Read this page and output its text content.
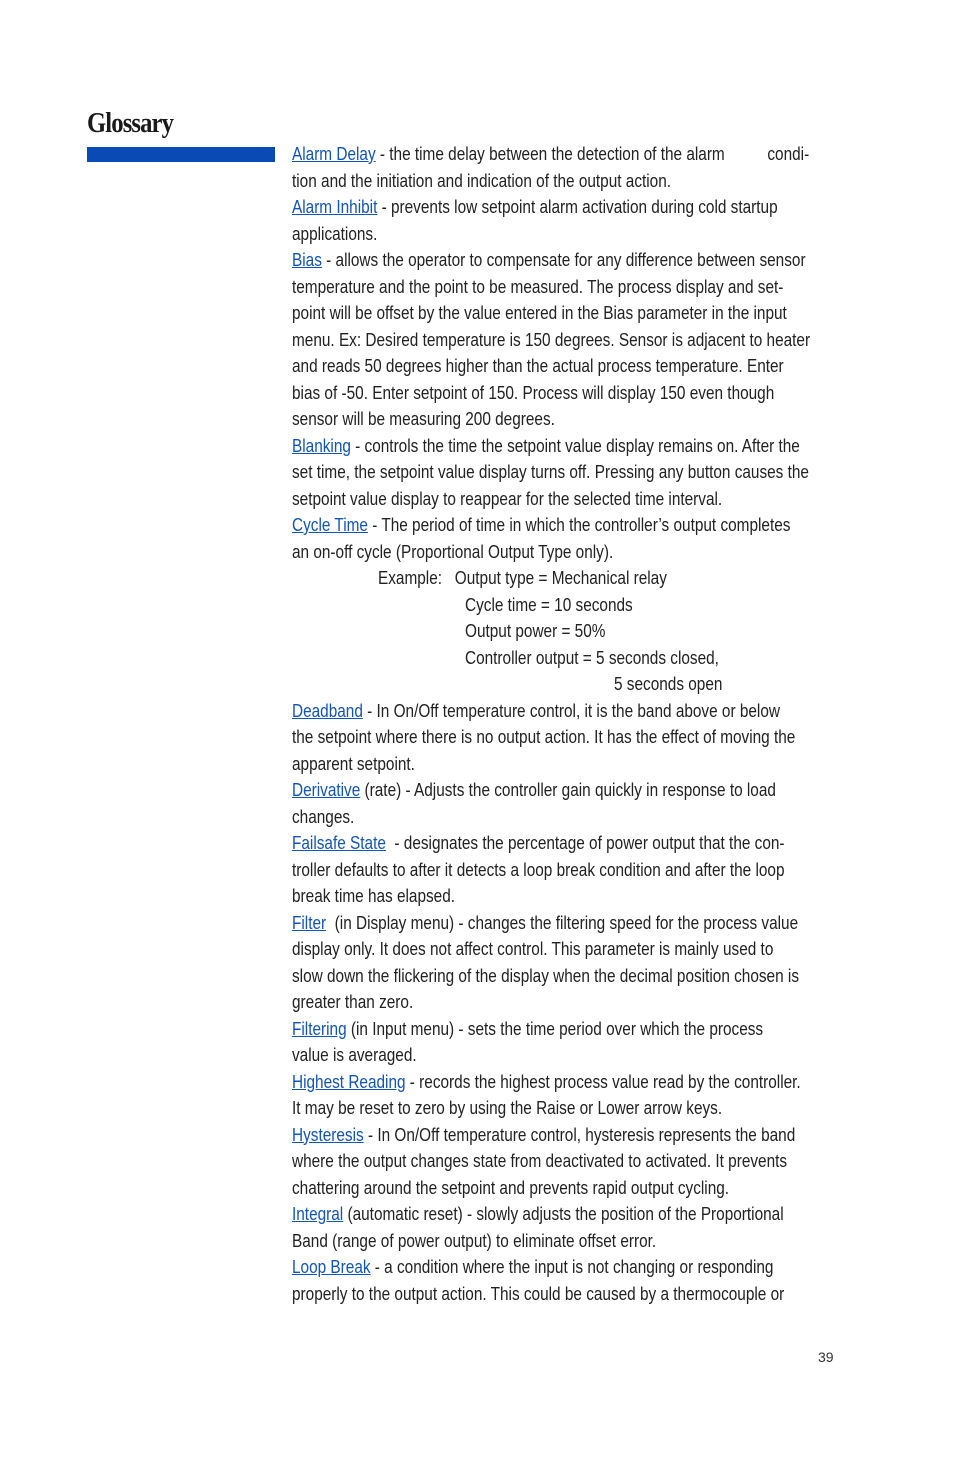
Glossary
Alarm Delay - the time delay between the detection of the alarm          condi-
tion and the initiation and indication of the output action.
Alarm Inhibit - prevents low setpoint alarm activation during cold startup
applications.
Bias - allows the operator to compensate for any difference between sensor
temperature and the point to be measured. The process display and set-
point will be offset by the value entered in the Bias parameter in the input
menu. Ex: Desired temperature is 150 degrees. Sensor is adjacent to heater
and reads 50 degrees higher than the actual process temperature. Enter
bias of -50. Enter setpoint of 150. Process will display 150 even though
sensor will be measuring 200 degrees.
Blanking - controls the time the setpoint value display remains on. After the
set time, the setpoint value display turns off. Pressing any button causes the
setpoint value display to reappear for the selected time interval.
Cycle Time - The period of time in which the controller’s output completes
an on-off cycle (Proportional Output Type only).
Example:   Output type = Mechanical relay
Cycle time = 10 seconds
Output power = 50%
Controller output = 5 seconds closed,
5 seconds open
Deadband - In On/Off temperature control, it is the band above or below
the setpoint where there is no output action. It has the effect of moving the
apparent setpoint.
Derivative (rate) - Adjusts the controller gain quickly in response to load
changes.
Failsafe State  - designates the percentage of power output that the con-
troller defaults to after it detects a loop break condition and after the loop
break time has elapsed.
Filter  (in Display menu) - changes the filtering speed for the process value
display only. It does not affect control. This parameter is mainly used to
slow down the flickering of the display when the decimal position chosen is
greater than zero.
Filtering (in Input menu) - sets the time period over which the process
value is averaged.
Highest Reading - records the highest process value read by the controller.
It may be reset to zero by using the Raise or Lower arrow keys.
Hysteresis - In On/Off temperature control, hysteresis represents the band
where the output changes state from deactivated to activated. It prevents
chattering around the setpoint and prevents rapid output cycling.
Integral (automatic reset) - slowly adjusts the position of the Proportional
Band (range of power output) to eliminate offset error.
Loop Break - a condition where the input is not changing or responding
properly to the output action. This could be caused by a thermocouple or
39
